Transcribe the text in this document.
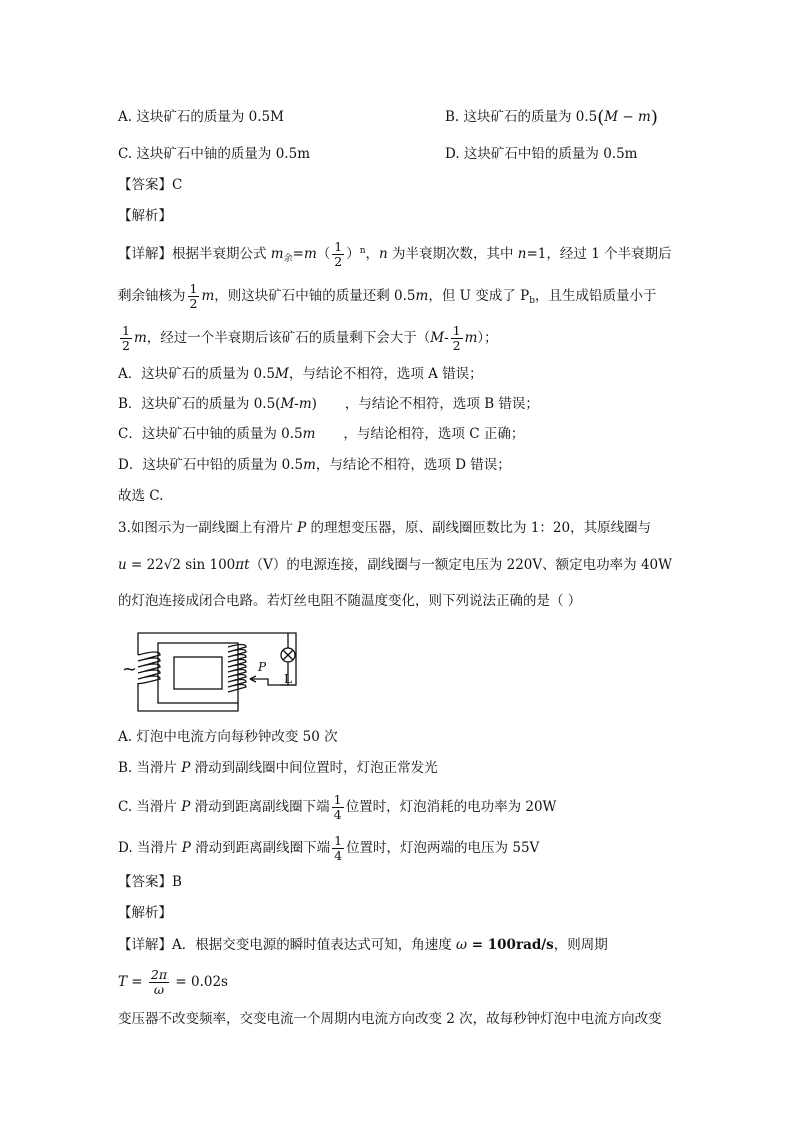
A. 这块矿石的质量为 0.5M	B. 这块矿石的质量为 0.5(M − m)
C. 这块矿石中铀的质量为 0.5m	D. 这块矿石中铅的质量为 0.5m
【答案】C
【解析】
【详解】根据半衰期公式 $m_余=m( \frac{1}{2} )^n$，n 为半衰期次数，其中 n=1，经过 1 个半衰期后
剩余铀核为 $\frac{1}{2}$ m，则这块矿石中铀的质量还剩 0.5m，但 U 变成了 $P_b$，且生成铅质量小于
$\frac{1}{2}$ m，经过一个半衰期后该矿石的质量剩下会大于$(M- \frac{1}{2} m)$；
A．这块矿石的质量为 0.5M，与结论不相符，选项 A 错误；
B．这块矿石的质量为 0.5(M-m) ，与结论不相符，选项 B 错误；
C．这块矿石中铀的质量为 0.5m ，与结论相符，选项 C 正确；
D．这块矿石中铅的质量为 0.5m，与结论不相符，选项 D 错误；
故选 C.
3.如图示为一副线圈上有滑片 P 的理想变压器，原、副线圈匝数比为 1：20，其原线圈与
u = 22√2 sin 100πt（V）的电源连接，副线圈与一额定电压为 220V、额定电功率为 40W
的灯泡连接成闭合电路。若灯丝电阻不随温度变化，则下列说法正确的是（ ）
~	P
L
A. 灯泡中电流方向每秒钟改变 50 次
B. 当滑片 P 滑动到副线圈中间位置时，灯泡正常发光
C. 当滑片 P 滑动到距离副线圈下端 $\frac{1}{4}$ 位置时，灯泡消耗的电功率为 20W
D. 当滑片 P 滑动到距离副线圈下端 $\frac{1}{4}$ 位置时，灯泡两端的电压为 55V
【答案】B
【解析】
【详解】A．根据交变电源的瞬时值表达式可知，角速度 ω = 100rad/s，则周期
$T = \frac{2\pi}{\omega} = 0.02s$
变压器不改变频率，交变电流一个周期内电流方向改变 2 次，故每秒钟灯泡中电流方向改变
